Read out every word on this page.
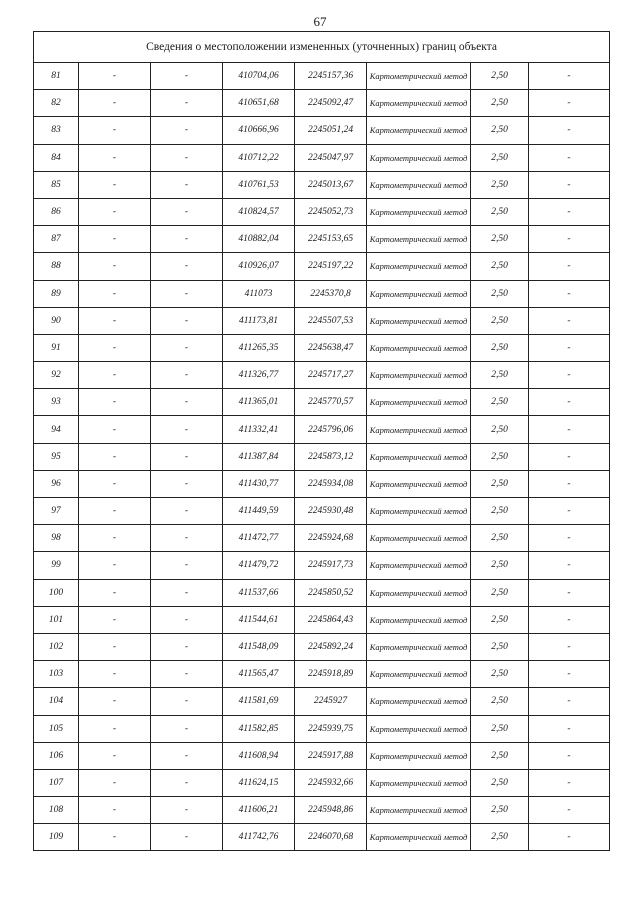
67
Сведения о местоположении измененных (уточненных) границ объекта							
81	-	-	410704,06	2245157,36	Картометрический метод	2,50	-
82	-	-	410651,68	2245092,47	Картометрический метод	2,50	-
83	-	-	410666,96	2245051,24	Картометрический метод	2,50	-
84	-	-	410712,22	2245047,97	Картометрический метод	2,50	-
85	-	-	410761,53	2245013,67	Картометрический метод	2,50	-
86	-	-	410824,57	2245052,73	Картометрический метод	2,50	-
87	-	-	410882,04	2245153,65	Картометрический метод	2,50	-
88	-	-	410926,07	2245197,22	Картометрический метод	2,50	-
89	-	-	411073	2245370,8	Картометрический метод	2,50	-
90	-	-	411173,81	2245507,53	Картометрический метод	2,50	-
91	-	-	411265,35	2245638,47	Картометрический метод	2,50	-
92	-	-	411326,77	2245717,27	Картометрический метод	2,50	-
93	-	-	411365,01	2245770,57	Картометрический метод	2,50	-
94	-	-	411332,41	2245796,06	Картометрический метод	2,50	-
95	-	-	411387,84	2245873,12	Картометрический метод	2,50	-
96	-	-	411430,77	2245934,08	Картометрический метод	2,50	-
97	-	-	411449,59	2245930,48	Картометрический метод	2,50	-
98	-	-	411472,77	2245924,68	Картометрический метод	2,50	-
99	-	-	411479,72	2245917,73	Картометрический метод	2,50	-
100	-	-	411537,66	2245850,52	Картометрический метод	2,50	-
101	-	-	411544,61	2245864,43	Картометрический метод	2,50	-
102	-	-	411548,09	2245892,24	Картометрический метод	2,50	-
103	-	-	411565,47	2245918,89	Картометрический метод	2,50	-
104	-	-	411581,69	2245927	Картометрический метод	2,50	-
105	-	-	411582,85	2245939,75	Картометрический метод	2,50	-
106	-	-	411608,94	2245917,88	Картометрический метод	2,50	-
107	-	-	411624,15	2245932,66	Картометрический метод	2,50	-
108	-	-	411606,21	2245948,86	Картометрический метод	2,50	-
109	-	-	411742,76	2246070,68	Картометрический метод	2,50	-
